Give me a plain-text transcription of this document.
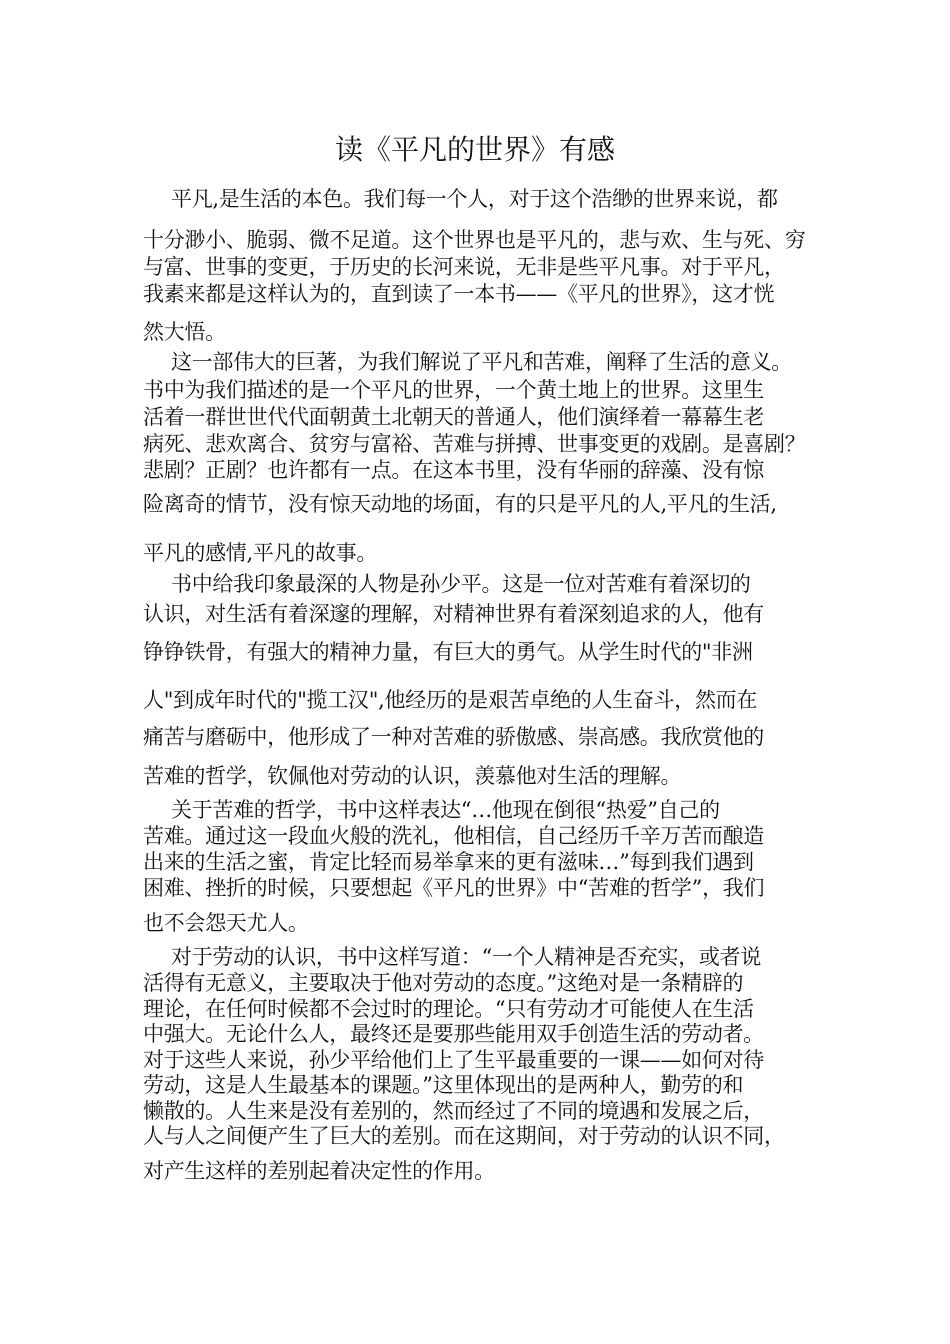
读《平凡的世界》有感
平凡,是生活的本色。我们每一个人，对于这个浩缈的世界来说，都
十分渺小、脆弱、微不足道。这个世界也是平凡的，悲与欢、生与死、穷
与富、世事的变更，于历史的长河来说，无非是些平凡事。对于平凡，
我素来都是这样认为的，直到读了一本书——《平凡的世界》，这才恍
然大悟。
这一部伟大的巨著，为我们解说了平凡和苦难，阐释了生活的意义。
书中为我们描述的是一个平凡的世界，一个黄土地上的世界。这里生
活着一群世世代代面朝黄土北朝天的普通人，他们演绎着一幕幕生老
病死、悲欢离合、贫穷与富裕、苦难与拼搏、世事变更的戏剧。是喜剧？
悲剧？正剧？也许都有一点。在这本书里，没有华丽的辞藻、没有惊
险离奇的情节，没有惊天动地的场面，有的只是平凡的人,平凡的生活,
平凡的感情,平凡的故事。
书中给我印象最深的人物是孙少平。这是一位对苦难有着深切的
认识，对生活有着深邃的理解，对精神世界有着深刻追求的人，他有
铮铮铁骨，有强大的精神力量，有巨大的勇气。从学生时代的"非洲
人"到成年时代的"揽工汉",他经历的是艰苦卓绝的人生奋斗，然而在
痛苦与磨砺中，他形成了一种对苦难的骄傲感、崇高感。我欣赏他的
苦难的哲学，钦佩他对劳动的认识，羡慕他对生活的理解。
关于苦难的哲学，书中这样表达“…他现在倒很“热爱”自己的
苦难。通过这一段血火般的洗礼，他相信，自己经历千辛万苦而酿造
出来的生活之蜜，肯定比轻而易举拿来的更有滋味…”每到我们遇到
困难、挫折的时候，只要想起《平凡的世界》中“苦难的哲学”，我们
也不会怨天尤人。
对于劳动的认识，书中这样写道：“一个人精神是否充实，或者说
活得有无意义，主要取决于他对劳动的态度。”这绝对是一条精辟的
理论，在任何时候都不会过时的理论。“只有劳动才可能使人在生活
中强大。无论什么人，最终还是要那些能用双手创造生活的劳动者。
对于这些人来说，孙少平给他们上了生平最重要的一课——如何对待
劳动，这是人生最基本的课题。”这里体现出的是两种人，勤劳的和
懒散的。人生来是没有差别的，然而经过了不同的境遇和发展之后，
人与人之间便产生了巨大的差别。而在这期间，对于劳动的认识不同，
对产生这样的差别起着决定性的作用。
